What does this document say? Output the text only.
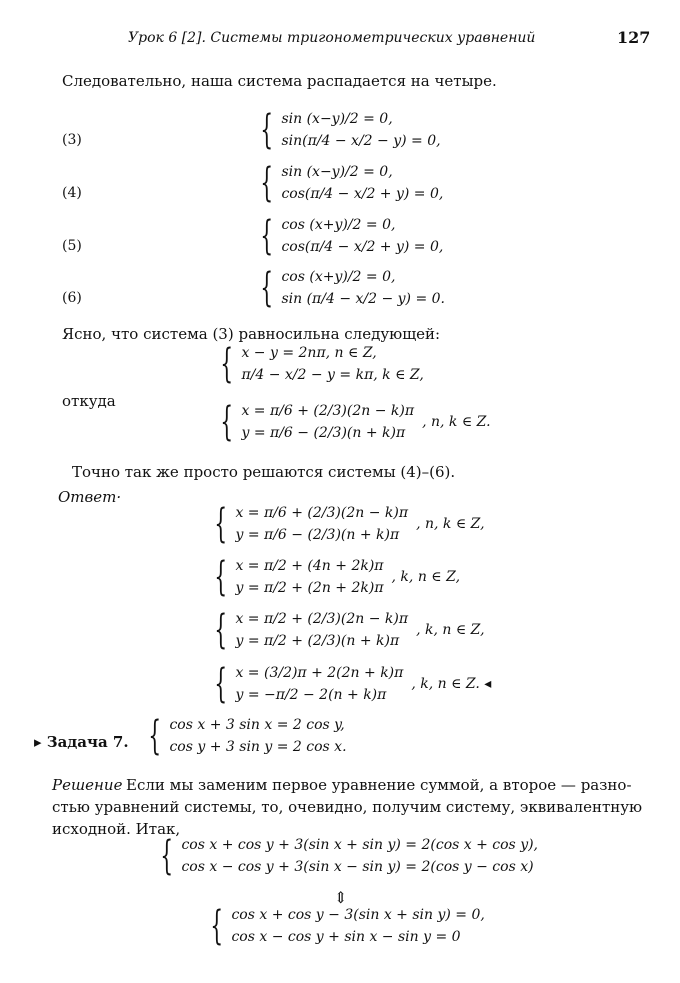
Урок 6 [2]. Системы тригонометрических уравнений	127
Следовательно, наша система распадается на четыре.
(3)	{ sin (x−y)/2 = 0,
sin(π/4 − x/2 − y) = 0,
(4)	{ sin (x−y)/2 = 0,
cos(π/4 − x/2 + y) = 0,
(5)	{ cos (x+y)/2 = 0,
cos(π/4 − x/2 + y) = 0,
(6)	{ cos (x+y)/2 = 0,
sin (π/4 − x/2 − y) = 0.
Ясно, что система (3) равносильна следующей:
{ x − y = 2nπ, n ∈ Z,
π/4 − x/2 − y = kπ, k ∈ Z,
откуда	{ x = π/6 + (2/3)(2n − k)π
y = π/6 − (2/3)(n + k)π
, n, k ∈ Z.
Точно так же просто решаются системы (4)–(6).
Ответ·
{ x = π/6 + (2/3)(2n − k)π
y = π/6 − (2/3)(n + k)π
, n, k ∈ Z,
{ x = π/2 + (4n + 2k)π
y = π/2 + (2n + 2k)π
, k, n ∈ Z,
{ x = π/2 + (2/3)(2n − k)π
y = π/2 + (2/3)(n + k)π
, k, n ∈ Z,
{ x = (3/2)π + 2(2n + k)π
y = −π/2 − 2(n + k)π
, k, n ∈ Z. ◂
▸ Задача 7. { cos x + 3 sin x = 2 cos y,
cos y + 3 sin y = 2 cos x.
Решение Если мы заменим первое уравнение суммой, а второе — разно-
стью уравнений системы, то, очевидно, получим систему, эквивалентную
исходной. Итак,
{ cos x + cos y + 3(sin x + sin y) = 2(cos x + cos y),
cos x − cos y + 3(sin x − sin y) = 2(cos y − cos x)
⇕
{ cos x + cos y − 3(sin x + sin y) = 0,
cos x − cos y + sin x − sin y = 0
